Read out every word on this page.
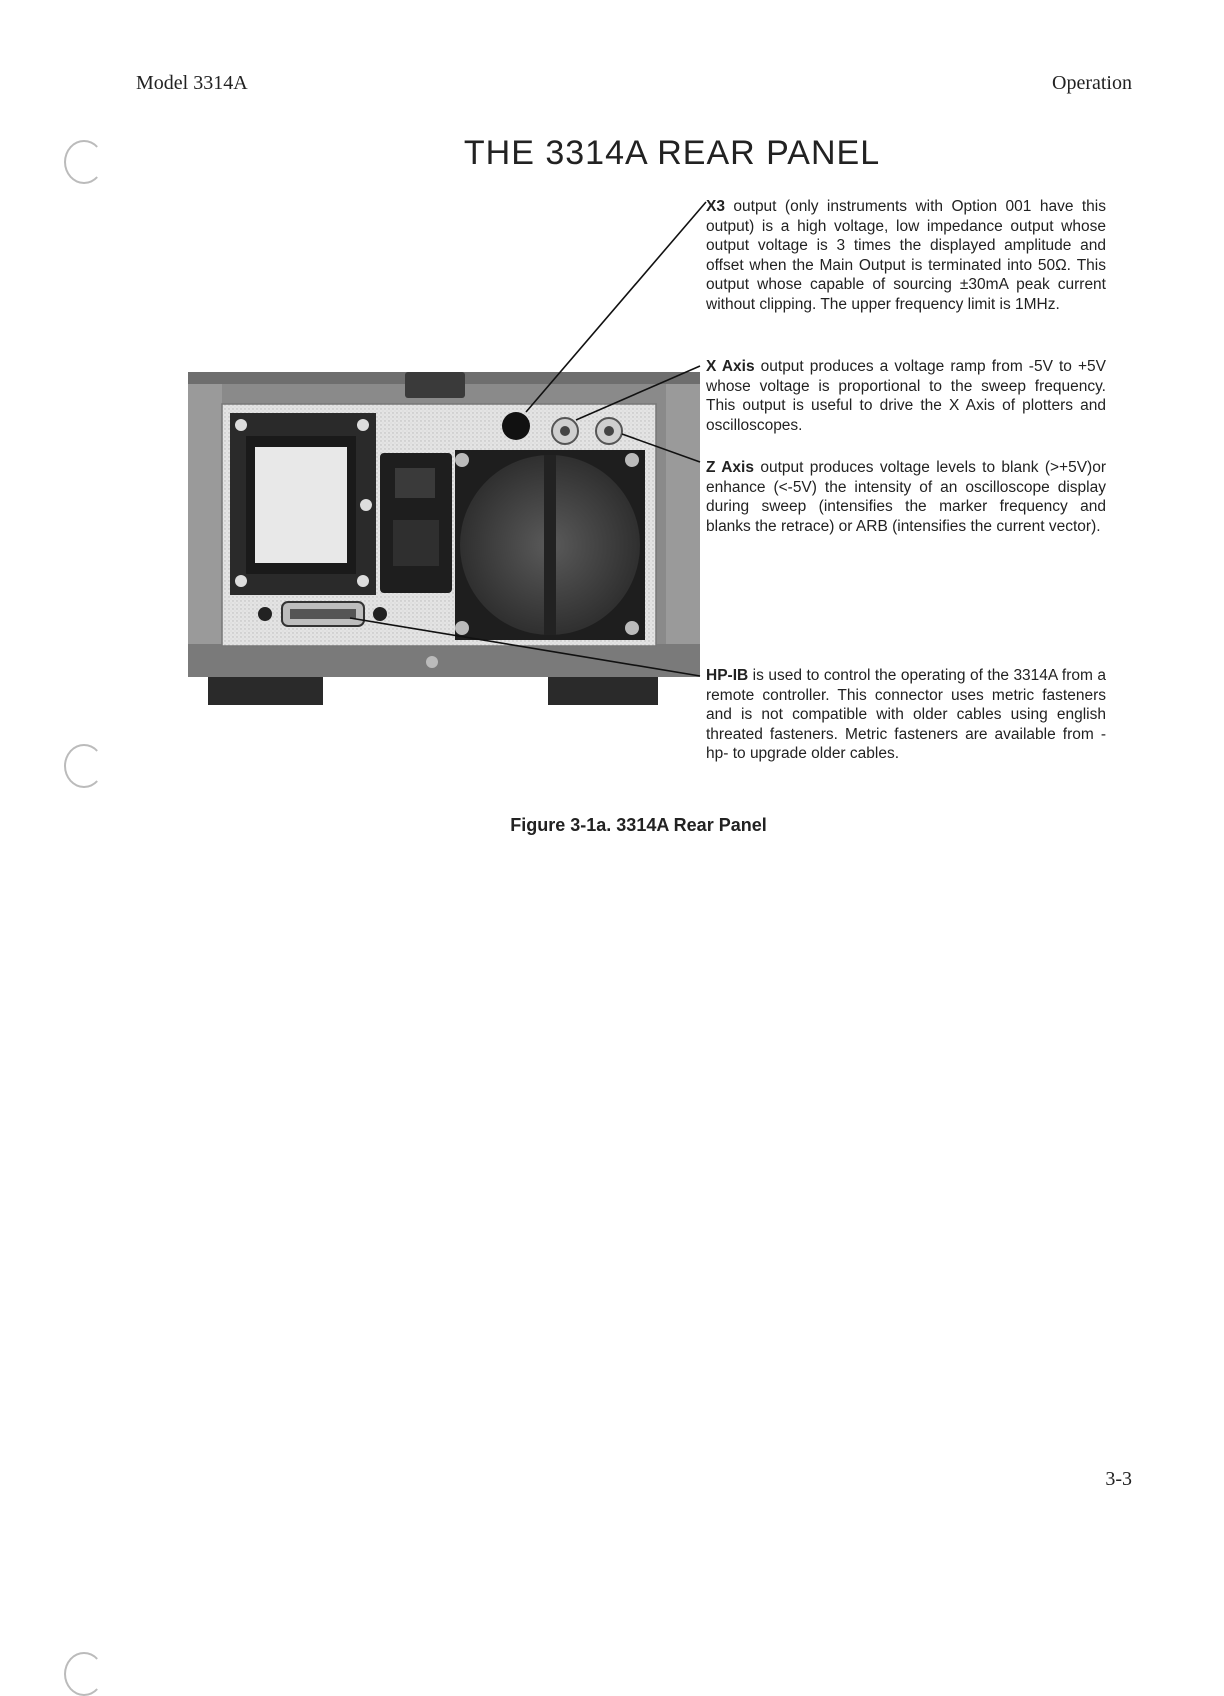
Model 3314A	Operation
THE 3314A REAR PANEL
X3 output (only instruments with Option 001 have this output) is a high voltage, low impedance output whose output voltage is 3 times the displayed amplitude and offset when the Main Output is terminated into 50Ω. This output whose capable of sourcing ±30mA peak current without clipping. The upper frequency limit is 1MHz.
X Axis output produces a voltage ramp from -5V to +5V whose voltage is proportional to the sweep frequency. This output is useful to drive the X Axis of plotters and oscilloscopes.
Z Axis output produces voltage levels to blank (>+5V)or enhance (<-5V) the intensity of an oscilloscope display during sweep (intensifies the marker frequency and blanks the retrace) or ARB (intensifies the current vector).
HP-IB is used to control the operating of the 3314A from a remote controller. This connector uses metric fasteners and is not compatible with older cables using english threated fasteners. Metric fasteners are available from -hp- to upgrade older cables.
Figure 3-1a. 3314A Rear Panel
3-3
